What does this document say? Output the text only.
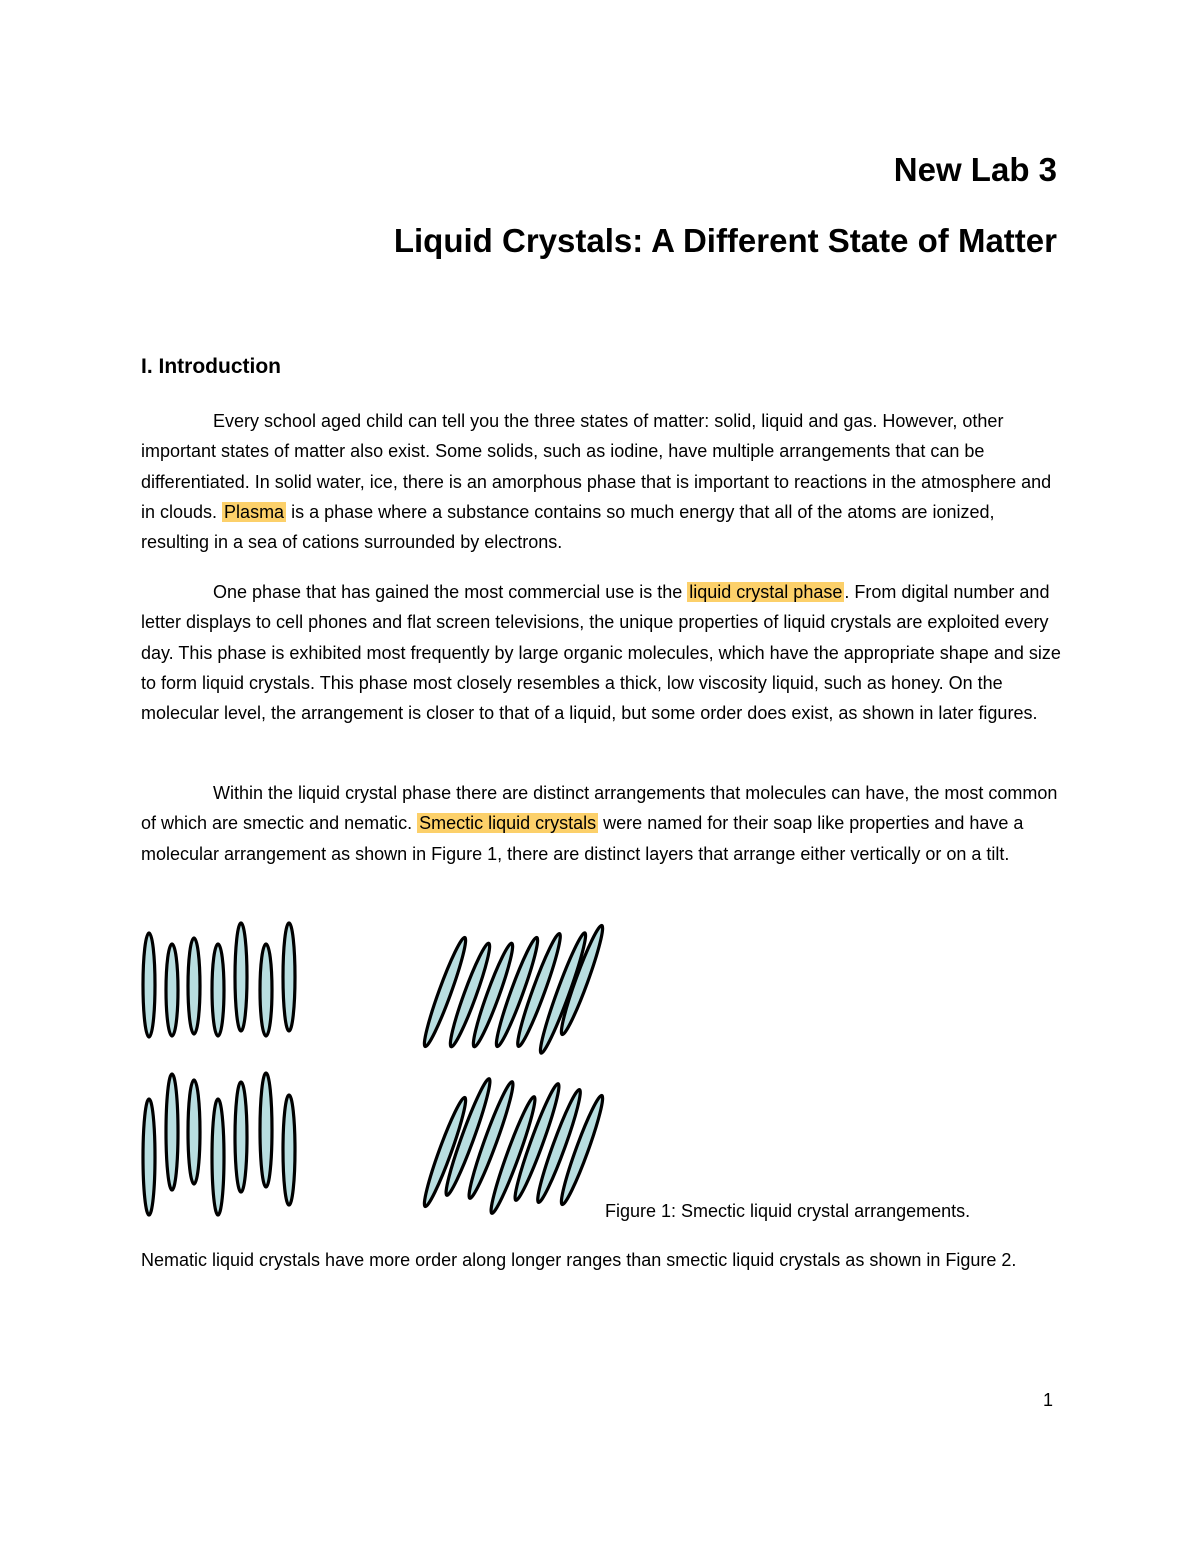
New Lab 3
Liquid Crystals: A Different State of Matter
I. Introduction

Every school aged child can tell you the three states of matter: solid, liquid and gas. However, other important states of matter also exist. Some solids, such as iodine, have multiple arrangements that can be differentiated. In solid water, ice, there is an amorphous phase that is important to reactions in the atmosphere and in clouds. Plasma is a phase where a substance contains so much energy that all of the atoms are ionized, resulting in a sea of cations surrounded by electrons.

One phase that has gained the most commercial use is the liquid crystal phase . From digital number and letter displays to cell phones and flat screen televisions, the unique properties of liquid crystals are exploited every day. This phase is exhibited most frequently by large organic molecules, which have the appropriate shape and size to form liquid crystals. This phase most closely resembles a thick, low viscosity liquid, such as honey. On the molecular level, the arrangement is closer to that of a liquid, but some order does exist, as shown in later figures.

Within the liquid crystal phase there are distinct arrangements that molecules can have, the most common of which are smectic and nematic. Smectic liquid crystals were named for their soap like properties and have a molecular arrangement as shown in Figure 1, there are distinct layers that arrange either vertically or on a tilt.

Figure 1: Smectic liquid crystal arrangements.

Nematic liquid crystals have more order along longer ranges than smectic liquid crystals as shown in Figure 2.

1
